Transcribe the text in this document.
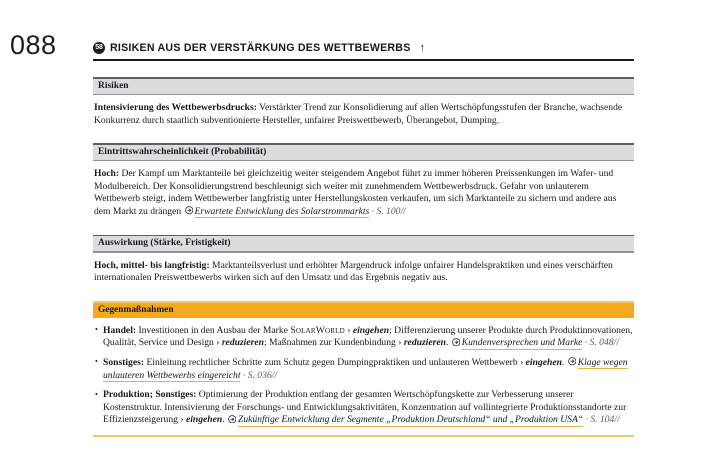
088	58 RISIKEN AUS DER VERSTÄRKUNG DES WETTBEWERBS ↑
Risiken
Intensivierung des Wettbewerbsdrucks: Verstärkter Trend zur Konsolidierung auf allen Wertschöpfungsstufen der Branche, wachsende Konkurrenz durch staatlich subventionierte Hersteller, unfairer Preiswettbewerb, Überangebot, Dumping.
Eintrittswahrscheinlichkeit (Probabilität)
Hoch: Der Kampf um Marktanteile bei gleichzeitig weiter steigendem Angebot führt zu immer höheren Preissenkungen im Wafer- und Modulbereich. Der Konsolidierungstrend beschleunigt sich weiter mit zunehmendem Wettbewerbsdruck. Gefahr von unlauterem Wettbewerb steigt, indem Wettbewerber langfristig unter Herstellungskosten verkaufen, um sich Marktanteile zu sichern und andere aus dem Markt zu drängen Erwartete Entwicklung des Solarstrommarkts · S. 100//
Auswirkung (Stärke, Fristigkeit)
Hoch, mittel- bis langfristig: Marktanteilsverlust und erhöhter Margendruck infolge unfairer Handelspraktiken und eines verschärften internationalen Preiswettbewerbs wirken sich auf den Umsatz und das Ergebnis negativ aus.
Gegenmaßnahmen
• Handel: Investitionen in den Ausbau der Marke SolarWorld › eingehen; Differenzierung unserer Produkte durch Produktinnovationen, Qualität, Service und Design › reduzieren; Maßnahmen zur Kundenbindung › reduzieren. Kundenversprechen und Marke · S. 048//
• Sonstiges: Einleitung rechtlicher Schritte zum Schutz gegen Dumpingpraktiken und unlauteren Wettbewerb › eingehen. Klage wegen unlauteren Wettbewerbs eingereicht · S. 036//
• Produktion; Sonstiges: Optimierung der Produktion entlang der gesamten Wertschöpfungskette zur Verbesserung unserer Kostenstruktur. Intensivierung der Forschungs- und Entwicklungsaktivitäten, Konzentration auf vollintegrierte Produktionsstandorte zur Effizienzsteigerung › eingehen. Zukünftige Entwicklung der Segmente „Produktion Deutschland“ und „Produktion USA“ · S. 104//
